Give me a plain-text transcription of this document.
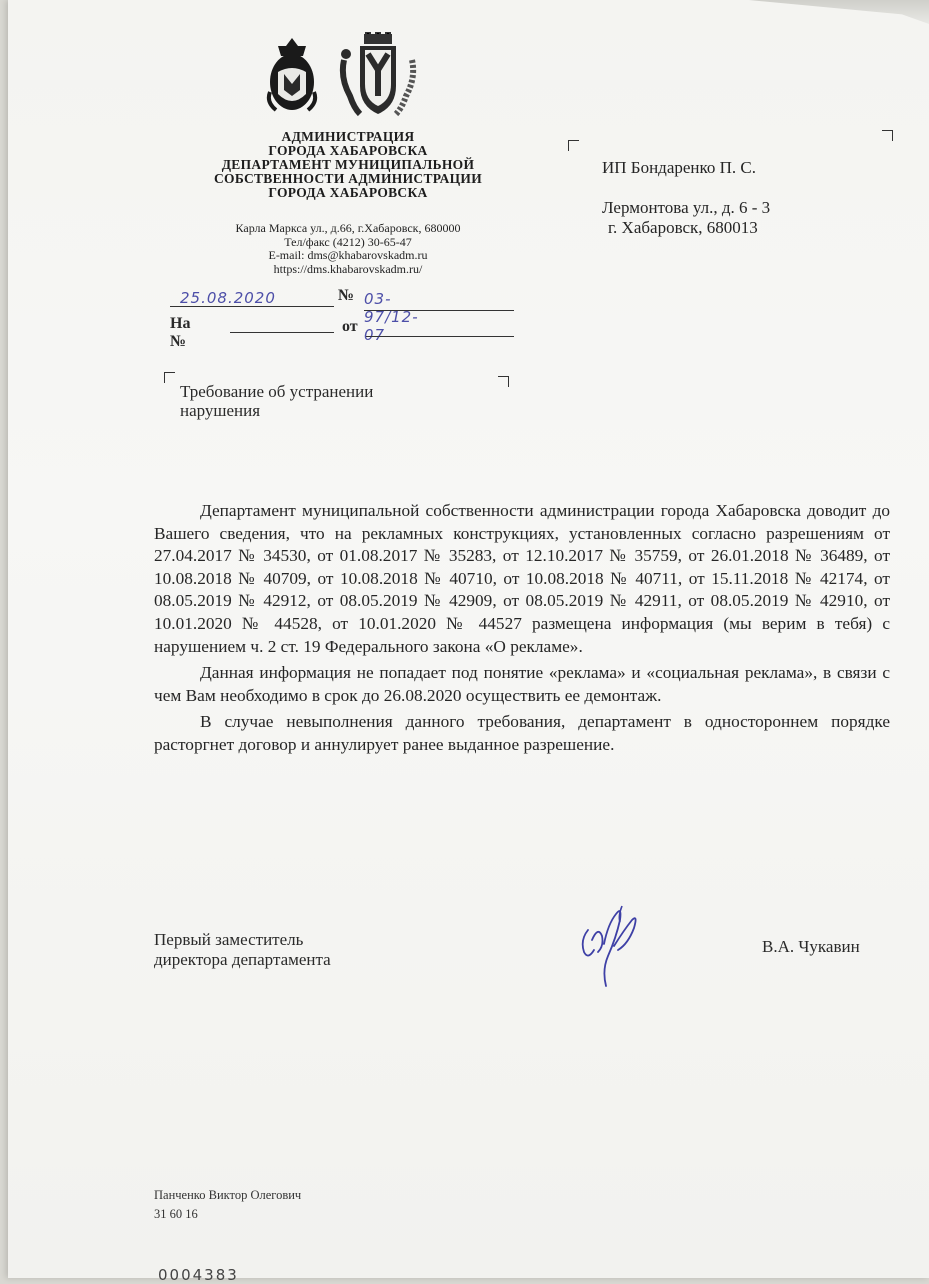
АДМИНИСТРАЦИЯ
ГОРОДА ХАБАРОВСКА
ДЕПАРТАМЕНТ МУНИЦИПАЛЬНОЙ
СОБСТВЕННОСТИ АДМИНИСТРАЦИИ
ГОРОДА ХАБАРОВСКА
Карла Маркса ул., д.66, г.Хабаровск, 680000
Тел/факс (4212) 30-65-47
E-mail: dms@khabarovskadm.ru
https://dms.khabarovskadm.ru/
25.08.2020	№ 03-97/12-07
На №
от
ИП Бондаренко П. С.
Лермонтова ул., д. 6 - 3
г. Хабаровск, 680013
Требование об устранении
нарушения

Департамент муниципальной собственности администрации города Хабаровска доводит до Вашего сведения, что на рекламных конструкциях, установленных согласно разрешениям от 27.04.2017 № 34530, от 01.08.2017 № 35283, от 12.10.2017 № 35759, от 26.01.2018 № 36489, от 10.08.2018 № 40709, от 10.08.2018 № 40710, от 10.08.2018 № 40711, от 15.11.2018 № 42174, от 08.05.2019 № 42912, от 08.05.2019 № 42909, от 08.05.2019 № 42911, от 08.05.2019 № 42910, от 10.01.2020 № 44528, от 10.01.2020 № 44527 размещена информация (мы верим в тебя) с нарушением ч. 2 ст. 19 Федерального закона «О рекламе».

Данная информация не попадает под понятие «реклама» и «социальная реклама», в связи с чем Вам необходимо в срок до 26.08.2020 осуществить ее демонтаж.

В случае невыполнения данного требования, департамент в одностороннем порядке расторгнет договор и аннулирует ранее выданное разрешение.

Первый заместитель
директора департамента
В.А. Чукавин
Панченко Виктор Олегович
31 60 16
0004383
